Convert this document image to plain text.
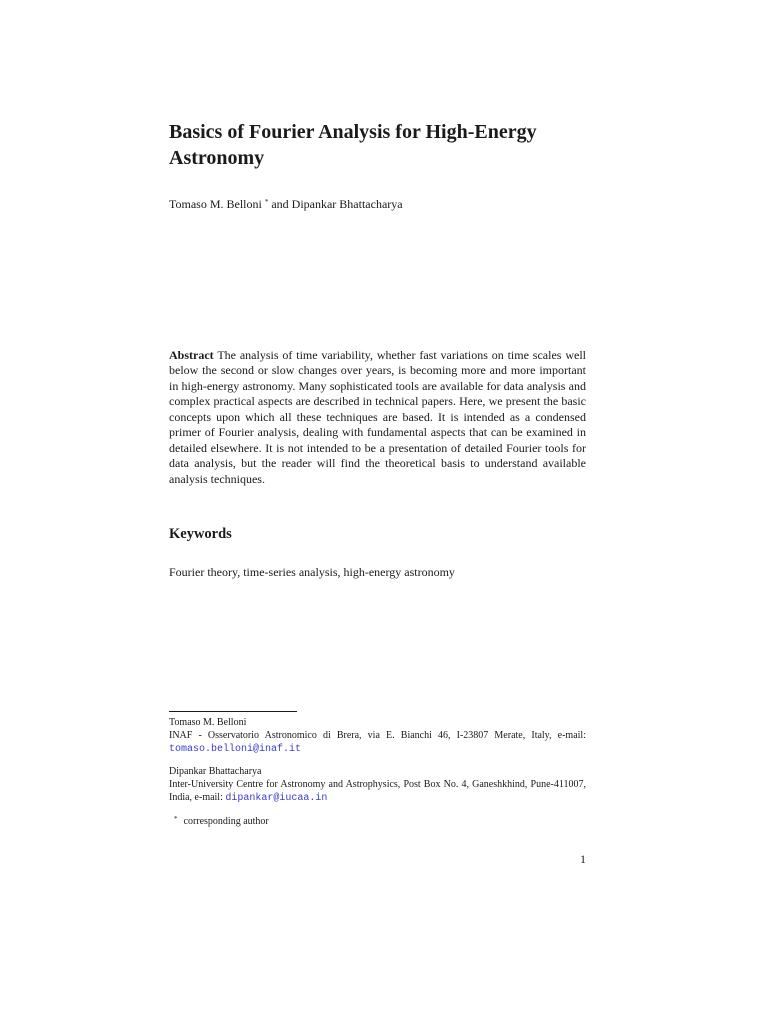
Basics of Fourier Analysis for High-Energy Astronomy
Tomaso M. Belloni * and Dipankar Bhattacharya

Abstract The analysis of time variability, whether fast variations on time scales well below the second or slow changes over years, is becoming more and more important in high-energy astronomy. Many sophisticated tools are available for data analysis and complex practical aspects are described in technical papers. Here, we present the basic concepts upon which all these techniques are based. It is intended as a condensed primer of Fourier analysis, dealing with fundamental aspects that can be examined in detailed elsewhere. It is not intended to be a presentation of detailed Fourier tools for data analysis, but the reader will find the theoretical basis to understand available analysis techniques.

Keywords
Fourier theory, time-series analysis, high-energy astronomy
Tomaso M. Belloni
INAF - Osservatorio Astronomico di Brera, via E. Bianchi 46, I-23807 Merate, Italy, e-mail: tomaso.belloni@inaf.it
Dipankar Bhattacharya
Inter-University Centre for Astronomy and Astrophysics, Post Box No. 4, Ganeshkhind, Pune-411007, India, e-mail: dipankar@iucaa.in
* corresponding author
1
